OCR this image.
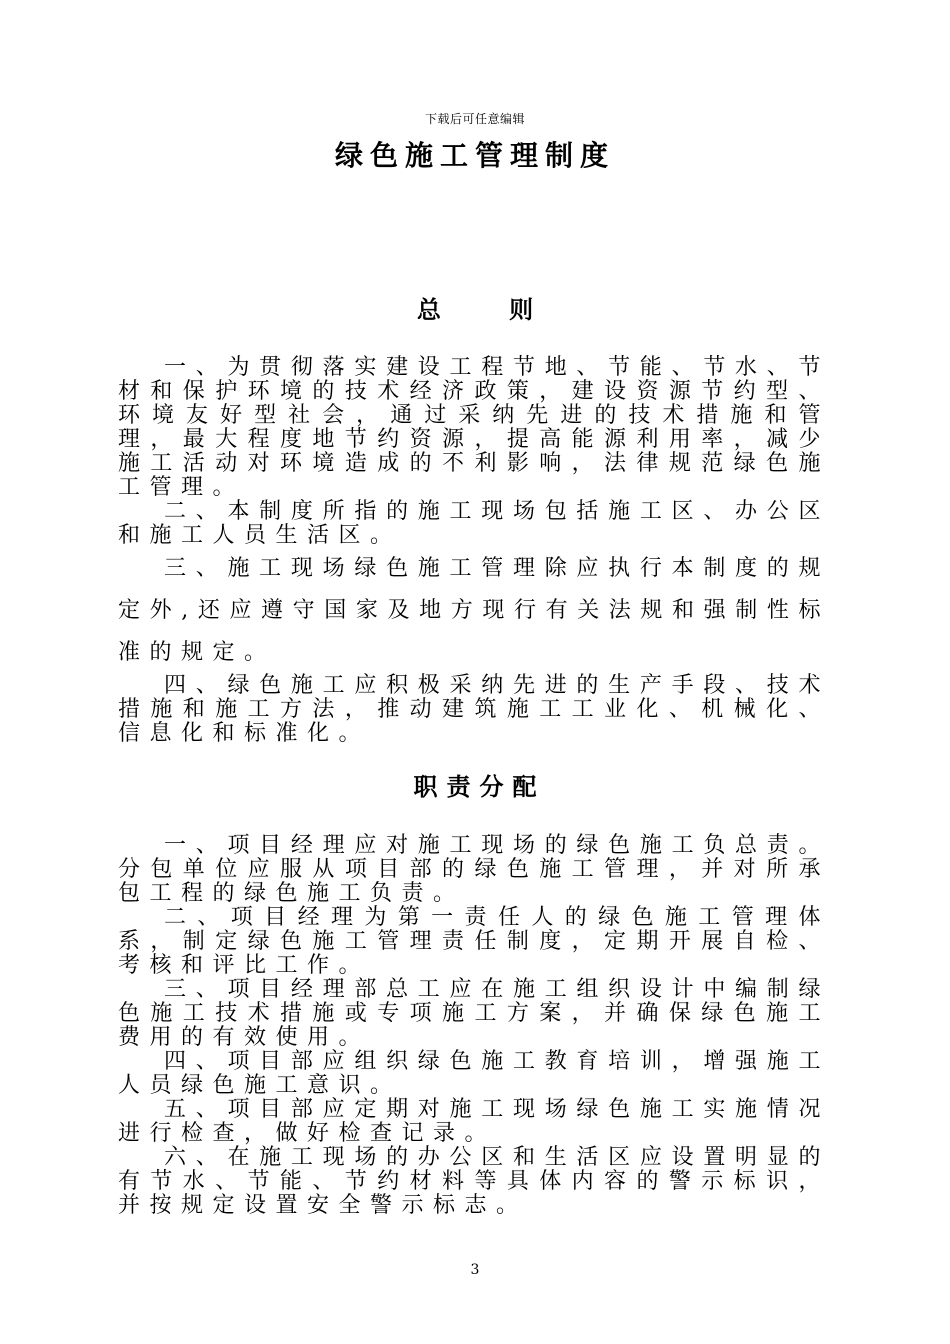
下载后可任意编辑
绿色施工管理制度
总 则

一、为贯彻落实建设工程节地、节能、节水、节材和保护环境的技术经济政策，建设资源节约型、环境友好型社会，通过采纳先进的技术措施和管理，最大程度地节约资源，提高能源利用率，减少施工活动对环境造成的不利影响，法律规范绿色施工管理。

二、本制度所指的施工现场包括施工区、办公区和施工人员生活区。

三、施工现场绿色施工管理除应执行本制度的规定外,还应遵守国家及地方现行有关法规和强制性标准的规定。

四、绿色施工应积极采纳先进的生产手段、技术措施和施工方法，推动建筑施工工业化、机械化、信息化和标准化。

职责分配

一、项目经理应对施工现场的绿色施工负总责。分包单位应服从项目部的绿色施工管理，并对所承包工程的绿色施工负责。

二、项目经理为第一责任人的绿色施工管理体系，制定绿色施工管理责任制度，定期开展自检、考核和评比工作。

三、项目经理部总工应在施工组织设计中编制绿色施工技术措施或专项施工方案，并确保绿色施工费用的有效使用。

四、项目部应组织绿色施工教育培训，增强施工人员绿色施工意识。

五、项目部应定期对施工现场绿色施工实施情况进行检查，做好检查记录。

六、在施工现场的办公区和生活区应设置明显的有节水、节能、节约材料等具体内容的警示标识，并按规定设置安全警示标志。

3
